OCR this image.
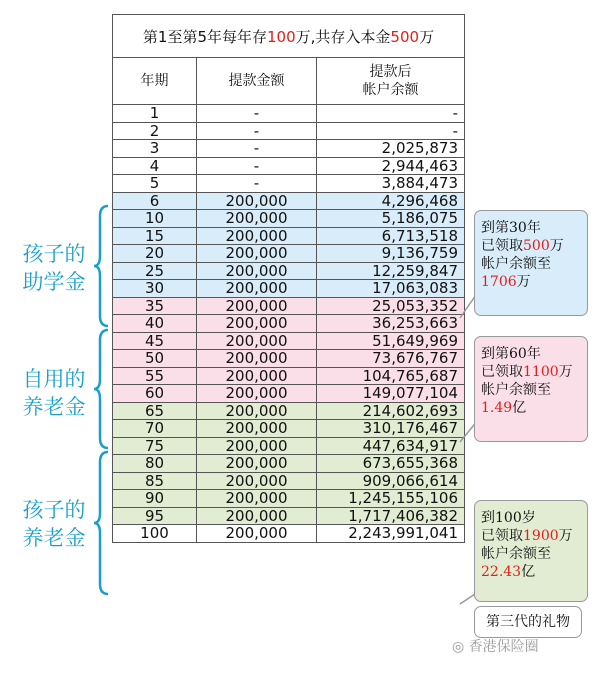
第1至第5年每年存100万,共存入本金500万		
年期	提款金额	提款后
帐户余额
1	-	-
2	-	-
3	-	2,025,873
4	-	2,944,463
5	-	3,884,473
6	200,000	4,296,468
10	200,000	5,186,075
15	200,000	6,713,518
20	200,000	9,136,759
25	200,000	12,259,847
30	200,000	17,063,083
35	200,000	25,053,352
40	200,000	36,253,663
45	200,000	51,649,969
50	200,000	73,676,767
55	200,000	104,765,687
60	200,000	149,077,104
65	200,000	214,602,693
70	200,000	310,176,467
75	200,000	447,634,917
80	200,000	673,655,368
85	200,000	909,066,614
90	200,000	1,245,155,106
95	200,000	1,717,406,382
100	200,000	2,243,991,041
孩子的
助学金
自用的
养老金
孩子的
养老金
到第30年
已领取500万
帐户余额至
1706万
到第60年
已领取1100万
帐户余额至
1.49亿
到100岁
已领取1900万
帐户余额至
22.43亿
第三代的礼物
◎ 香港保险圈
